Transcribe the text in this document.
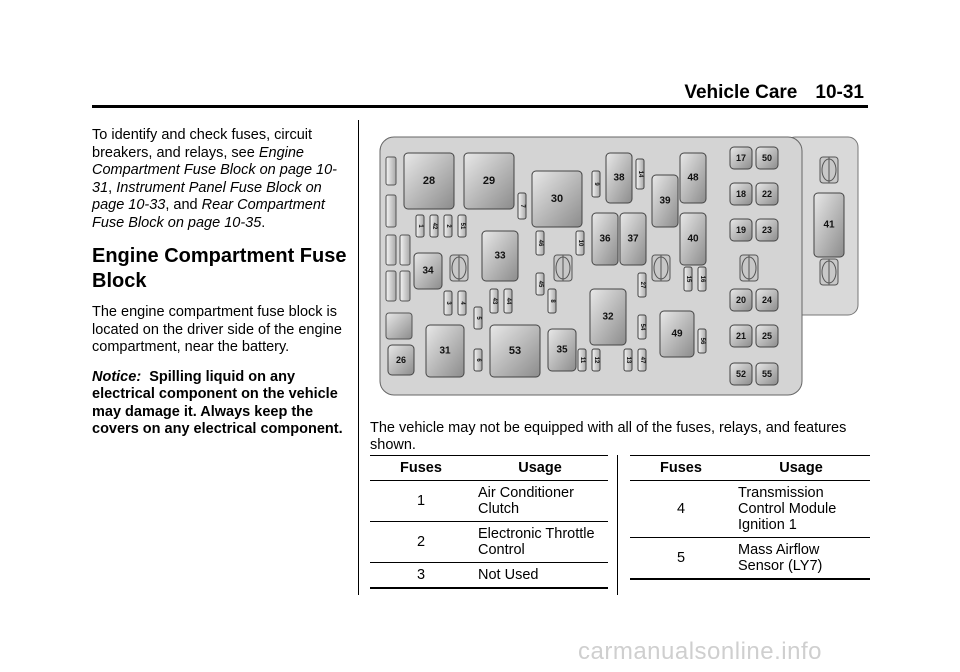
Vehicle Care 10-31

To identify and check fuses, circuit breakers, and relays, see Engine Compartment Fuse Block on page 10-31, Instrument Panel Fuse Block on page 10-33, and Rear Compartment Fuse Block on page 10-35.

Engine Compartment Fuse Block

The engine compartment fuse block is located on the driver side of the engine compartment, near the battery.

Notice: Spilling liquid on any electrical component on the vehicle may damage it. Always keep the covers on any electrical component.

28	29
30
38	48
17 50
18 22
19 23	41
36 37
39
40
33
34
20 24
21 25
52 55
26
31	53	35
32
49
1 42 2 51
7
9
14
10
46
45
8
43 44
3 4
5
6	11 12	13 47
27
54
15 16
56
The vehicle may not be equipped with all of the fuses, relays, and features shown.
Fuses	Usage
1	Air Conditioner Clutch
2	Electronic Throttle Control
3	Not Used
Fuses	Usage
4	Transmission Control Module Ignition 1
5	Mass Airflow Sensor (LY7)
carmanualsonline.info
